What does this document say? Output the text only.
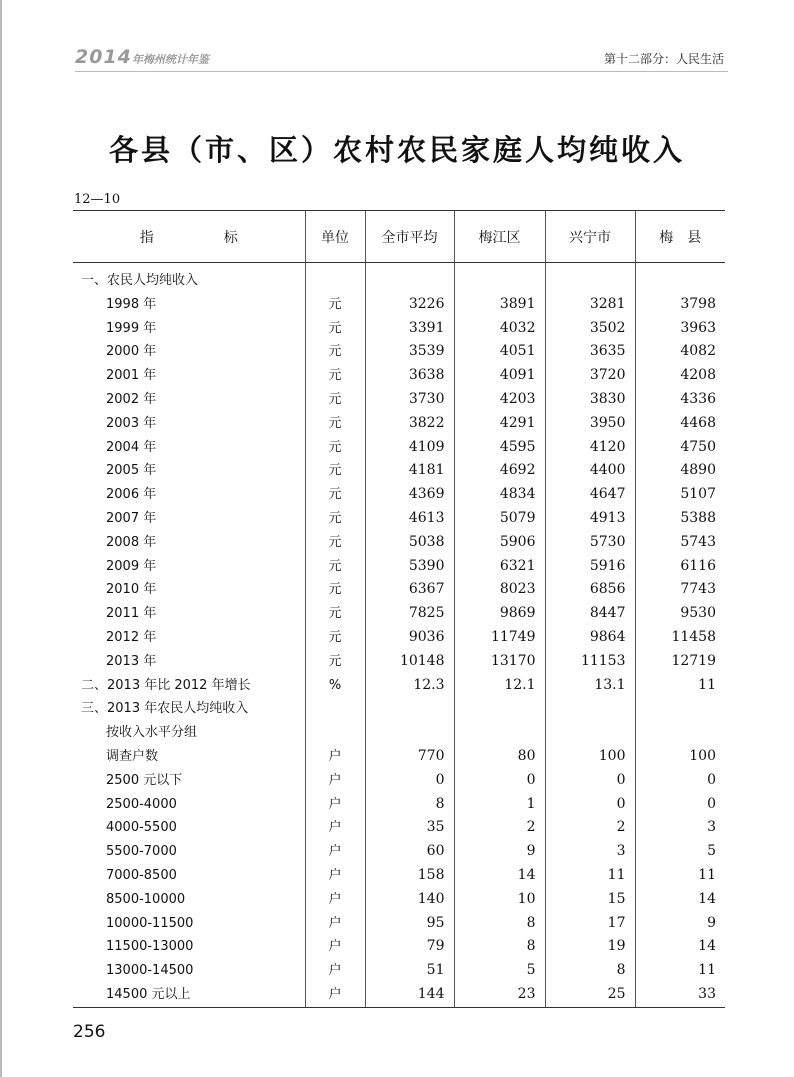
2014年梅州统计年鉴	第十二部分：人民生活
各县（市、区）农村农民家庭人均纯收入
12—10
指　　　　　标	单位	全市平均	梅江区	兴宁市	梅　县

一、农民人均纯收入					
1998 年	元	3226	3891	3281	3798
1999 年	元	3391	4032	3502	3963
2000 年	元	3539	4051	3635	4082
2001 年	元	3638	4091	3720	4208
2002 年	元	3730	4203	3830	4336
2003 年	元	3822	4291	3950	4468
2004 年	元	4109	4595	4120	4750
2005 年	元	4181	4692	4400	4890
2006 年	元	4369	4834	4647	5107
2007 年	元	4613	5079	4913	5388
2008 年	元	5038	5906	5730	5743
2009 年	元	5390	6321	5916	6116
2010 年	元	6367	8023	6856	7743
2011 年	元	7825	9869	8447	9530
2012 年	元	9036	11749	9864	11458
2013 年	元	10148	13170	11153	12719
二、2013 年比 2012 年增长	%	12.3	12.1	13.1	11
三、2013 年农民人均纯收入					
按收入水平分组					
调查户数	户	770	80	100	100
2500 元以下	户	0	0	0	0
2500-4000	户	8	1	0	0
4000-5500	户	35	2	2	3
5500-7000	户	60	9	3	5
7000-8500	户	158	14	11	11
8500-10000	户	140	10	15	14
10000-11500	户	95	8	17	9
11500-13000	户	79	8	19	14
13000-14500	户	51	5	8	11
14500 元以上	户	144	23	25	33
256
